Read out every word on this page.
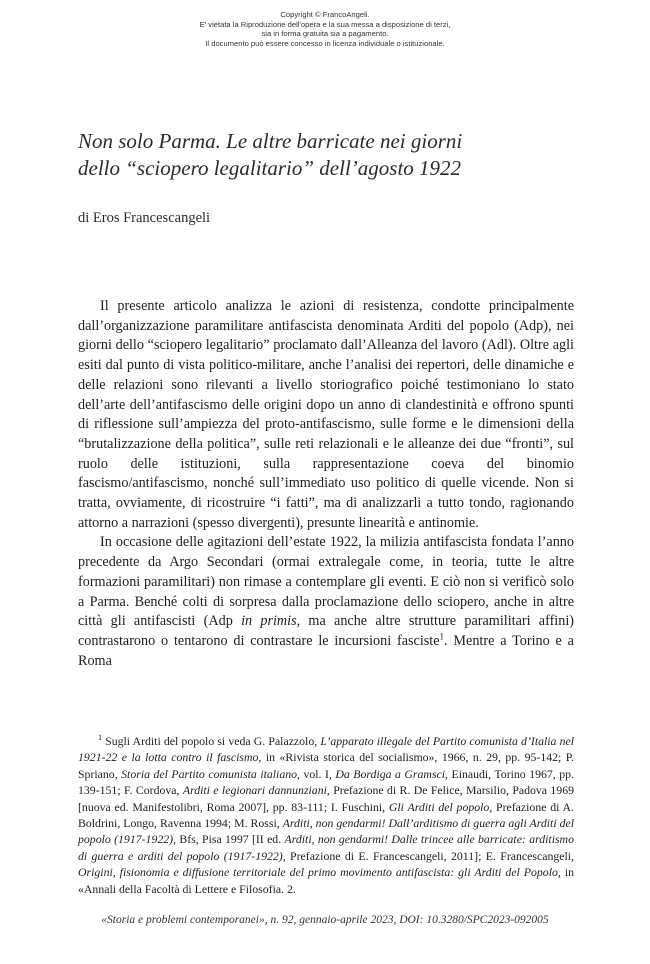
Copyright © FrancoAngeli.
E' vietata la Riproduzione dell'opera e la sua messa a disposizione di terzi,
sia in forma gratuita sia a pagamento.
Il documento può essere concesso in licenza individuale o istituzionale.
Non solo Parma. Le altre barricate nei giorni
dello “sciopero legalitario” dell’agosto 1922
di Eros Francescangeli

Il presente articolo analizza le azioni di resistenza, condotte principalmente dall’organizzazione paramilitare antifascista denominata Arditi del popolo (Adp), nei giorni dello “sciopero legalitario” proclamato dall’Alleanza del lavoro (Adl). Oltre agli esiti dal punto di vista politico-militare, anche l’analisi dei repertori, delle dinamiche e delle relazioni sono rilevanti a livello storiografico poiché testimoniano lo stato dell’arte dell’antifascismo delle origini dopo un anno di clandestinità e offrono spunti di riflessione sull’ampiezza del proto-antifascismo, sulle forme e le dimensioni della “brutalizzazione della politica”, sulle reti relazionali e le alleanze dei due “fronti”, sul ruolo delle istituzioni, sulla rappresentazione coeva del binomio fascismo/antifascismo, nonché sull’immediato uso politico di quelle vicende. Non si tratta, ovviamente, di ricostruire “i fatti”, ma di analizzarli a tutto tondo, ragionando attorno a narrazioni (spesso divergenti), presunte linearità e antinomie.

In occasione delle agitazioni dell’estate 1922, la milizia antifascista fondata l’anno precedente da Argo Secondari (ormai extralegale come, in teoria, tutte le altre formazioni paramilitari) non rimase a contemplare gli eventi. E ciò non si verificò solo a Parma. Benché colti di sorpresa dalla proclamazione dello sciopero, anche in altre città gli antifascisti (Adp in primis, ma anche altre strutture paramilitari affini) contrastarono o tentarono di contrastare le incursioni fasciste$^1$. Mentre a Torino e a Roma

$^1$ Sugli Arditi del popolo si veda G. Palazzolo, L’apparato illegale del Partito comunista d’Italia nel 1921-22 e la lotta contro il fascismo, in «Rivista storica del socialismo», 1966, n. 29, pp. 95-142; P. Spriano, Storia del Partito comunista italiano, vol. I, Da Bordiga a Gramsci, Einaudi, Torino 1967, pp. 139-151; F. Cordova, Arditi e legionari dannunziani, Prefazione di R. De Felice, Marsilio, Padova 1969 [nuova ed. Manifestolibri, Roma 2007], pp. 83-111; I. Fuschini, Gli Arditi del popolo, Prefazione di A. Boldrini, Longo, Ravenna 1994; M. Rossi, Arditi, non gendarmi! Dall’arditismo di guerra agli Arditi del popolo (1917-1922), Bfs, Pisa 1997 [II ed. Arditi, non gendarmi! Dalle trincee alle barricate: arditismo di guerra e arditi del popolo (1917-1922), Prefazione di E. Francescangeli, 2011]; E. Francescangeli, Origini, fisionomia e diffusione territoriale del primo movimento antifascista: gli Arditi del Popolo, in «Annali della Facoltà di Lettere e Filosofia. 2.

«Storia e problemi contemporanei», n. 92, gennaio-aprile 2023, DOI: 10.3280/SPC2023-092005
